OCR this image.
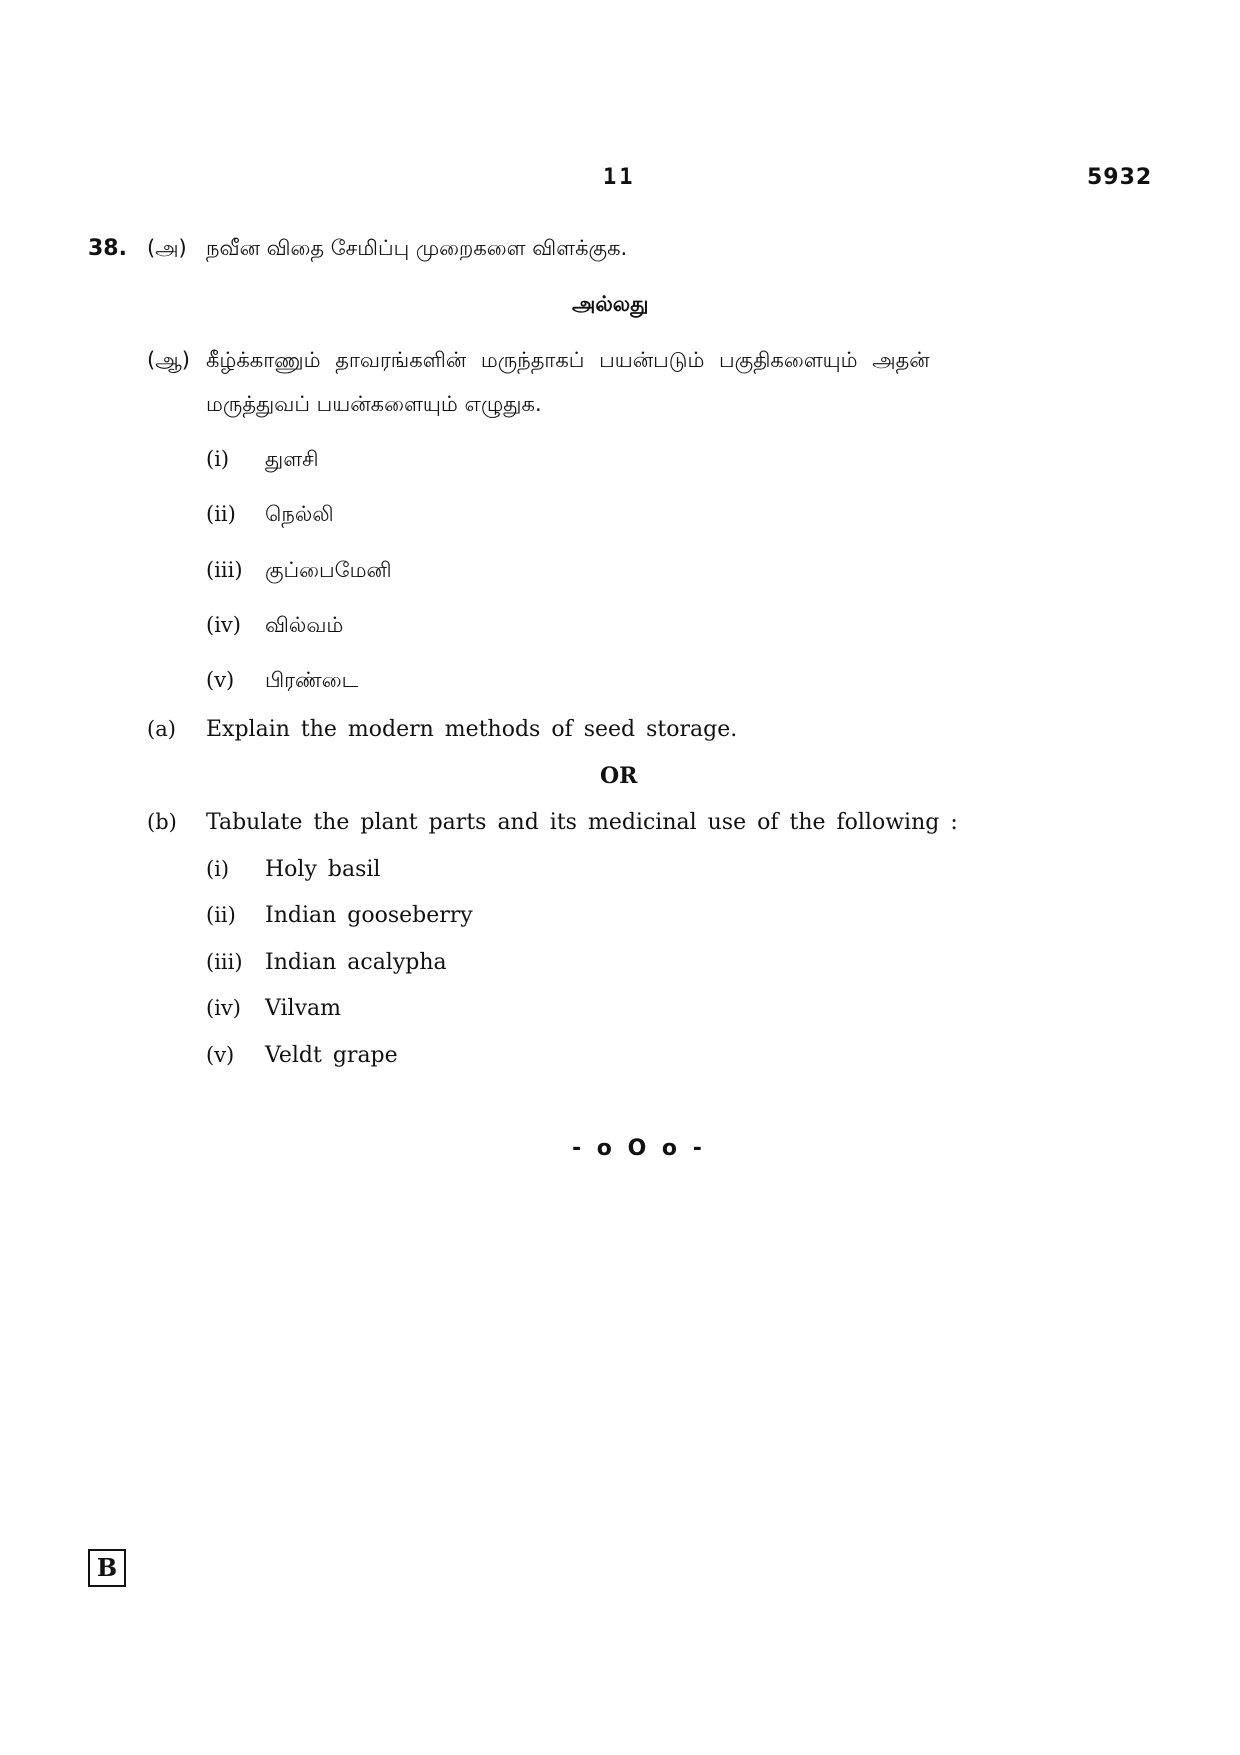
11	5932
38. (அ) நவீன விதை சேமிப்பு முறைகளை விளக்குக.
அல்லது
(ஆ) கீழ்க்காணும் தாவரங்களின் மருந்தாகப் பயன்படும் பகுதிகளையும் அதன்
மருத்துவப் பயன்களையும் எழுதுக.
(i) துளசி
(ii) நெல்லி
(iii) குப்பைமேனி
(iv) வில்வம்
(v) பிரண்டை
(a) Explain the modern methods of seed storage.
OR
(b) Tabulate the plant parts and its medicinal use of the following :
(i) Holy basil
(ii) Indian gooseberry
(iii) Indian acalypha
(iv) Vilvam
(v) Veldt grape
- o O o -
B
